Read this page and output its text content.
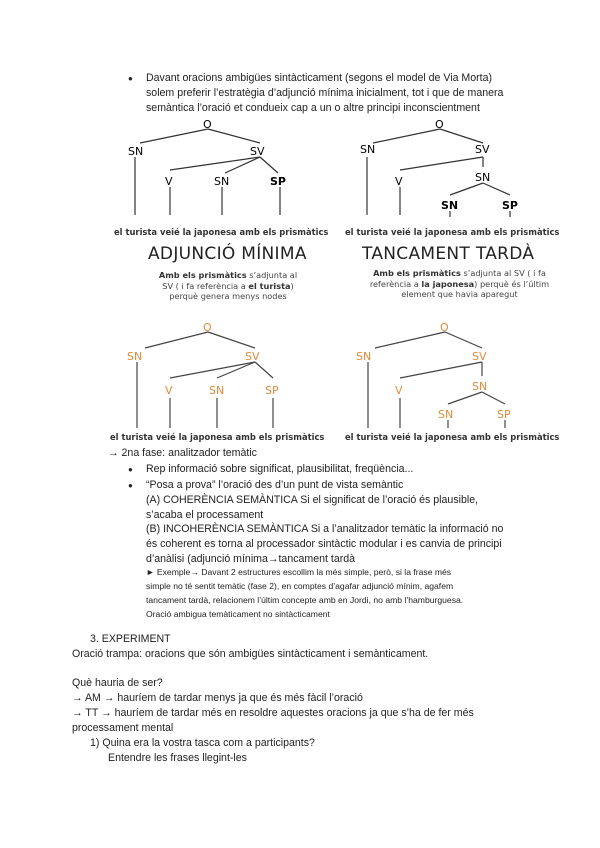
● Davant oracions ambigües sintàcticament (segons el model de Via Morta)
solem preferir l’estratègia d’adjunció mínima inicialment, tot i que de manera
semàntica l’oració et condueix cap a un o altre principi inconscientment
O
SN	SV
V	SN	SP
O
SN	SV
V	SN
SN	SP
el turista veié la japonesa amb els prismàtics el turista veié la japonesa amb els prismàtics
ADJUNCIÓ MÍNIMA	TANCAMENT TARDÀ
Amb els prismàtics s’adjunta al
SV ( i fa referència a el turista)
perquè genera menys nodes
Amb els prismàtics s’adjunta al SV ( i fa
referència a la japonesa) perquè és l’últim
element que havia aparegut
O
SN	SV
V	SN	SP
O
SN	SV
V	SN
SN	SP
el turista veié la japonesa amb els prismàtics el turista veié la japonesa amb els prismàtics
→ 2na fase: analitzador temàtic
● Rep informació sobre significat, plausibilitat, freqüència...
● “Posa a prova” l’oració des d’un punt de vista semàntic
(A) COHERÈNCIA SEMÀNTICA Si el significat de l’oració és plausible,
s’acaba el processament
(B) INCOHERÈNCIA SEMÀNTICA Si a l’analitzador temàtic la informació no
és coherent es torna al processador sintàctic modular i es canvia de principi
d’anàlisi (adjunció mínima→tancament tardà
► Exemple→ Davant 2 estructures escollim la més simple, però, si la frase més
simple no té sentit temàtic (fase 2), en comptes d’agafar adjunció mínim, agafem
tancament tardà, relacionem l’últim concepte amb en Jordi, no amb l’hamburguesa.
Oració ambigua temàticament no sintàcticament
3. EXPERIMENT
Oració trampa: oracions que són ambigües sintàcticament i semànticament.
Què hauria de ser?
→ AM → hauríem de tardar menys ja que és més fàcil l’oració
→ TT → hauríem de tardar més en resoldre aquestes oracions ja que s’ha de fer més
processament mental
1) Quina era la vostra tasca com a participants?
Entendre les frases llegint-les
